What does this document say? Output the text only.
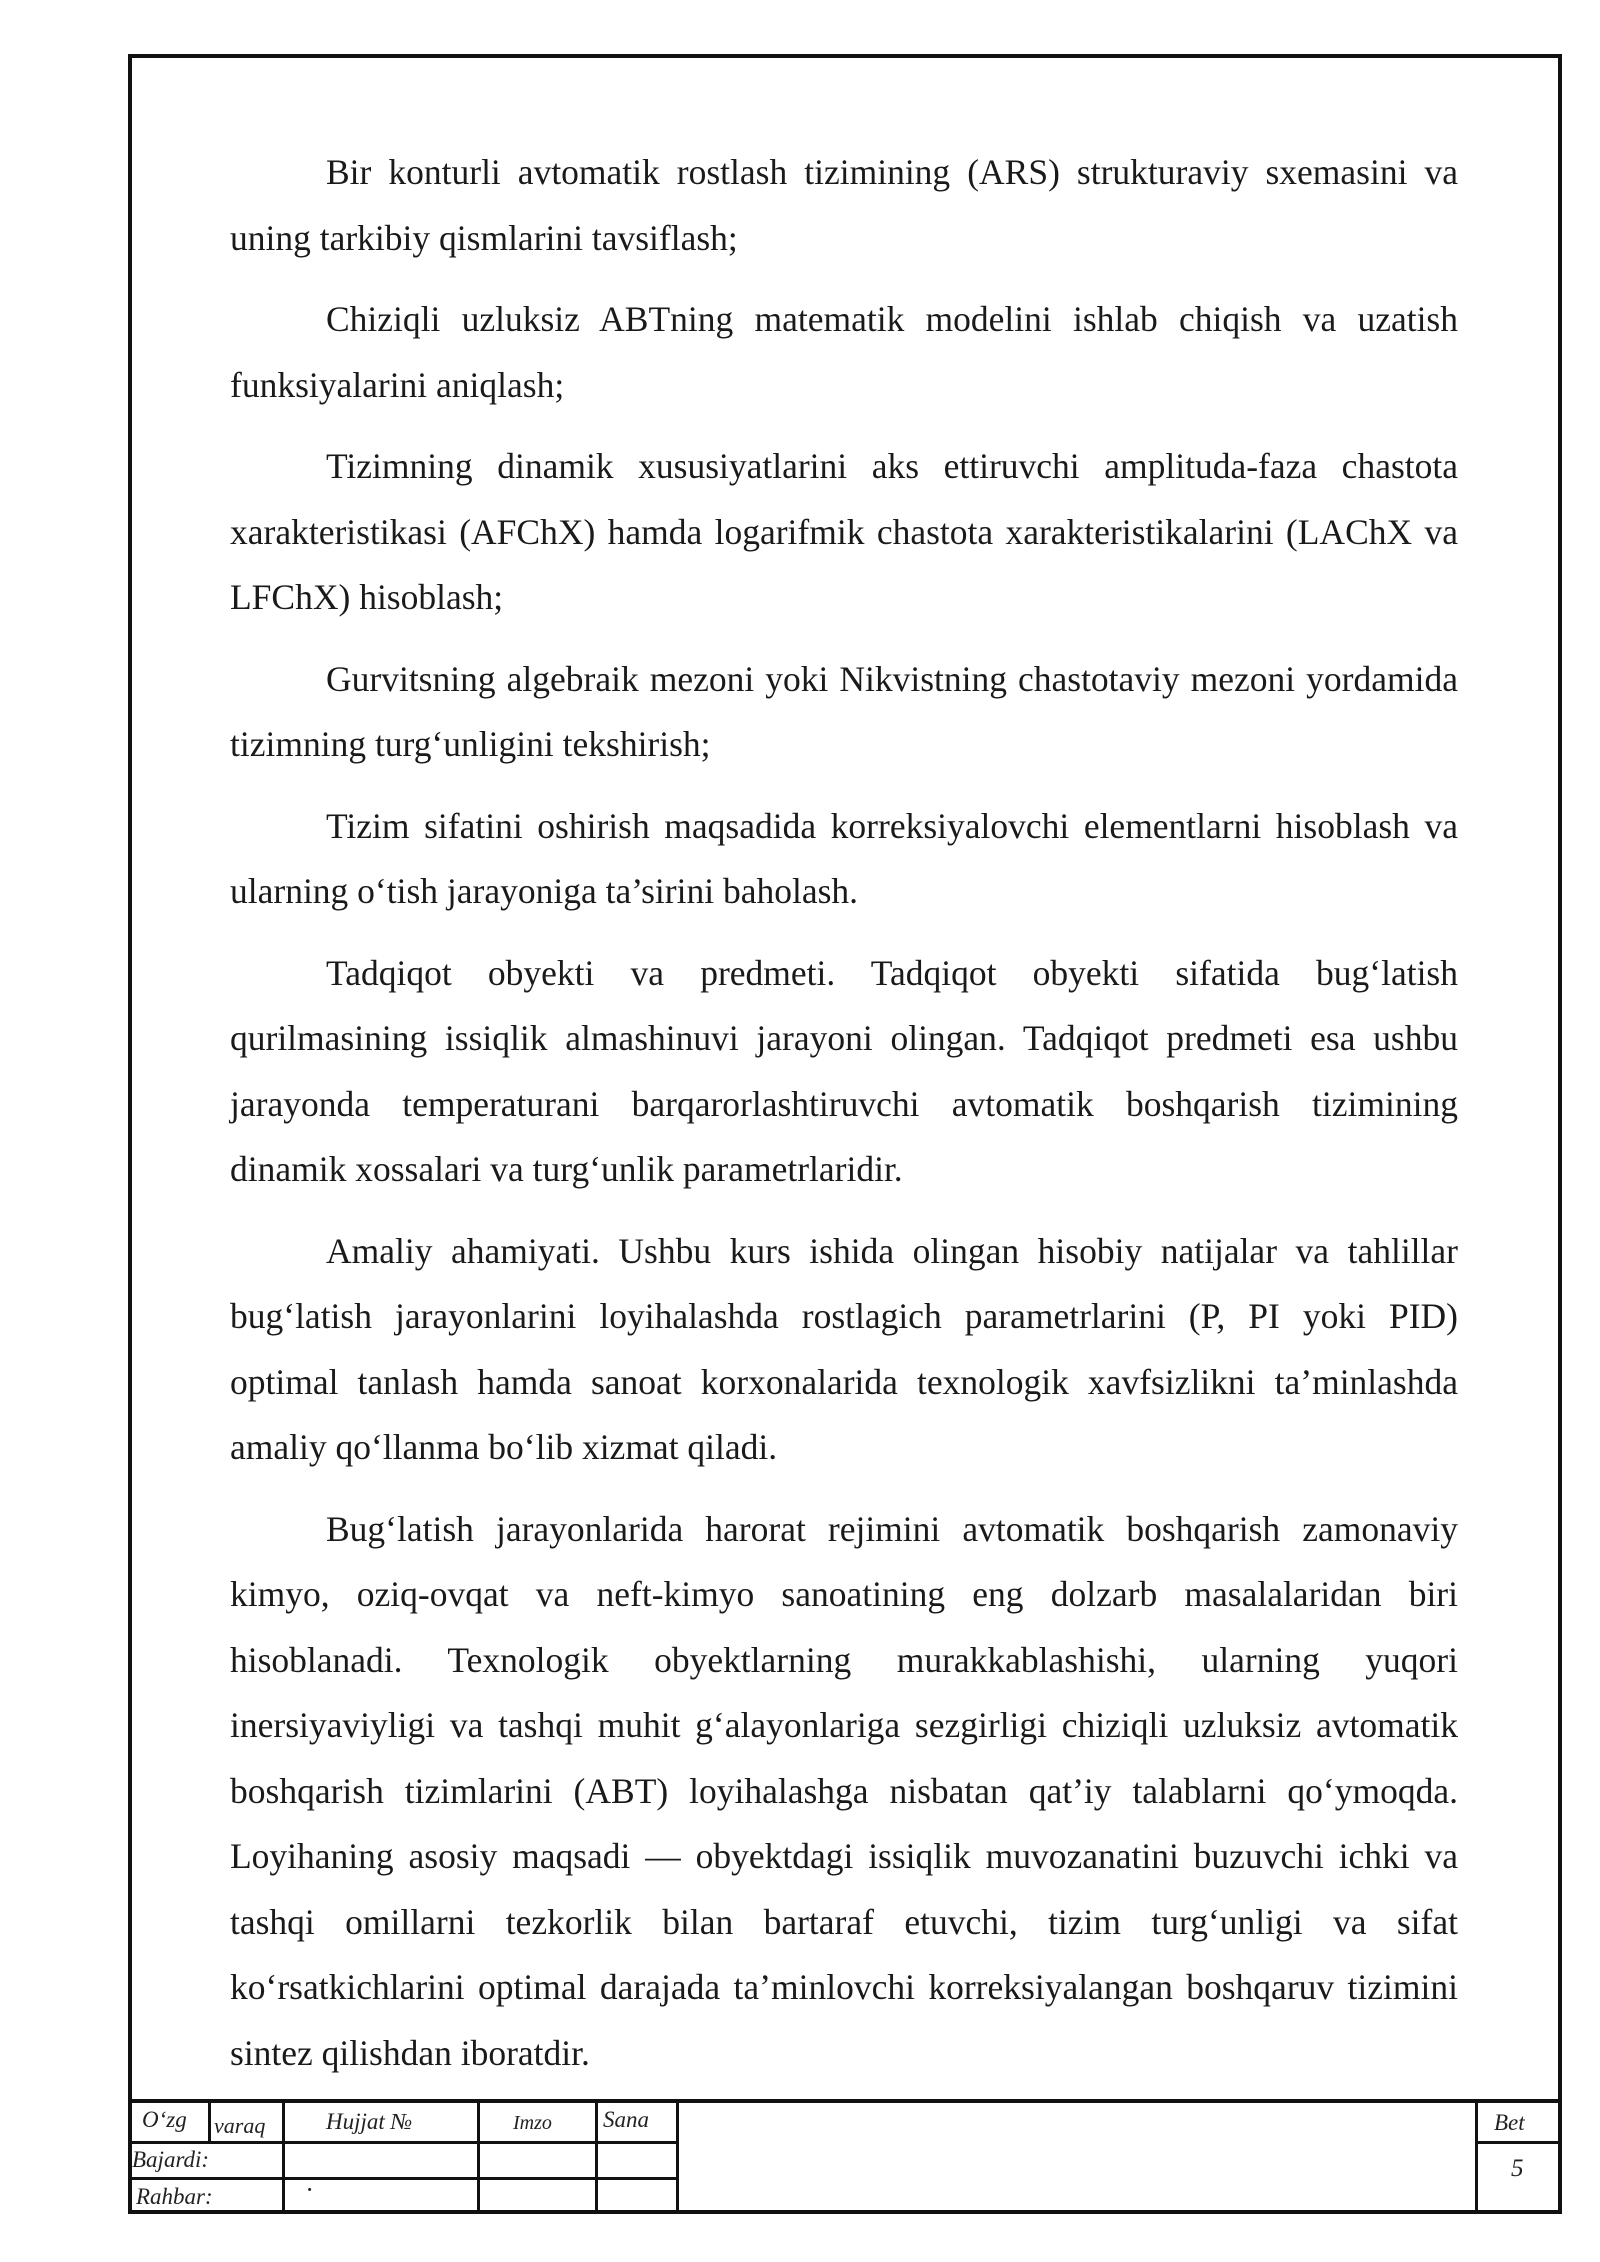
Bir konturli avtomatik rostlash tizimining (ARS) strukturaviy sxemasini va uning tarkibiy qismlarini tavsiflash;

Chiziqli uzluksiz ABTning matematik modelini ishlab chiqish va uzatish funksiyalarini aniqlash;

Tizimning dinamik xususiyatlarini aks ettiruvchi amplituda-faza chastota xarakteristikasi (AFChX) hamda logarifmik chastota xarakteristikalarini (LAChX va LFChX) hisoblash;

Gurvitsning algebraik mezoni yoki Nikvistning chastotaviy mezoni yordamida tizimning turg‘unligini tekshirish;

Tizim sifatini oshirish maqsadida korreksiyalovchi elementlarni hisoblash va ularning o‘tish jarayoniga ta’sirini baholash.

Tadqiqot obyekti va predmeti. Tadqiqot obyekti sifatida bug‘latish qurilmasining issiqlik almashinuvi jarayoni olingan. Tadqiqot predmeti esa ushbu jarayonda temperaturani barqarorlashtiruvchi avtomatik boshqarish tizimining dinamik xossalari va turg‘unlik parametrlaridir.

Amaliy ahamiyati. Ushbu kurs ishida olingan hisobiy natijalar va tahlillar bug‘latish jarayonlarini loyihalashda rostlagich parametrlarini (P, PI yoki PID) optimal tanlash hamda sanoat korxonalarida texnologik xavfsizlikni ta’minlashda amaliy qo‘llanma bo‘lib xizmat qiladi.

Bug‘latish jarayonlarida harorat rejimini avtomatik boshqarish zamonaviy kimyo, oziq-ovqat va neft-kimyo sanoatining eng dolzarb masalalaridan biri hisoblanadi. Texnologik obyektlarning murakkablashishi, ularning yuqori inersiyaviyligi va tashqi muhit g‘alayonlariga sezgirligi chiziqli uzluksiz avtomatik boshqarish tizimlarini (ABT) loyihalashga nisbatan qat’iy talablarni qo‘ymoqda. Loyihaning asosiy maqsadi — obyektdagi issiqlik muvozanatini buzuvchi ichki va tashqi omillarni tezkorlik bilan bartaraf etuvchi, tizim turg‘unligi va sifat ko‘rsatkichlarini optimal darajada ta’minlovchi korreksiyalangan boshqaruv tizimini sintez qilishdan iboratdir.

O‘zg varaq	Hujjat №	Imzo Sana
Bajardi:
Rahbar:	·
Bet
5
